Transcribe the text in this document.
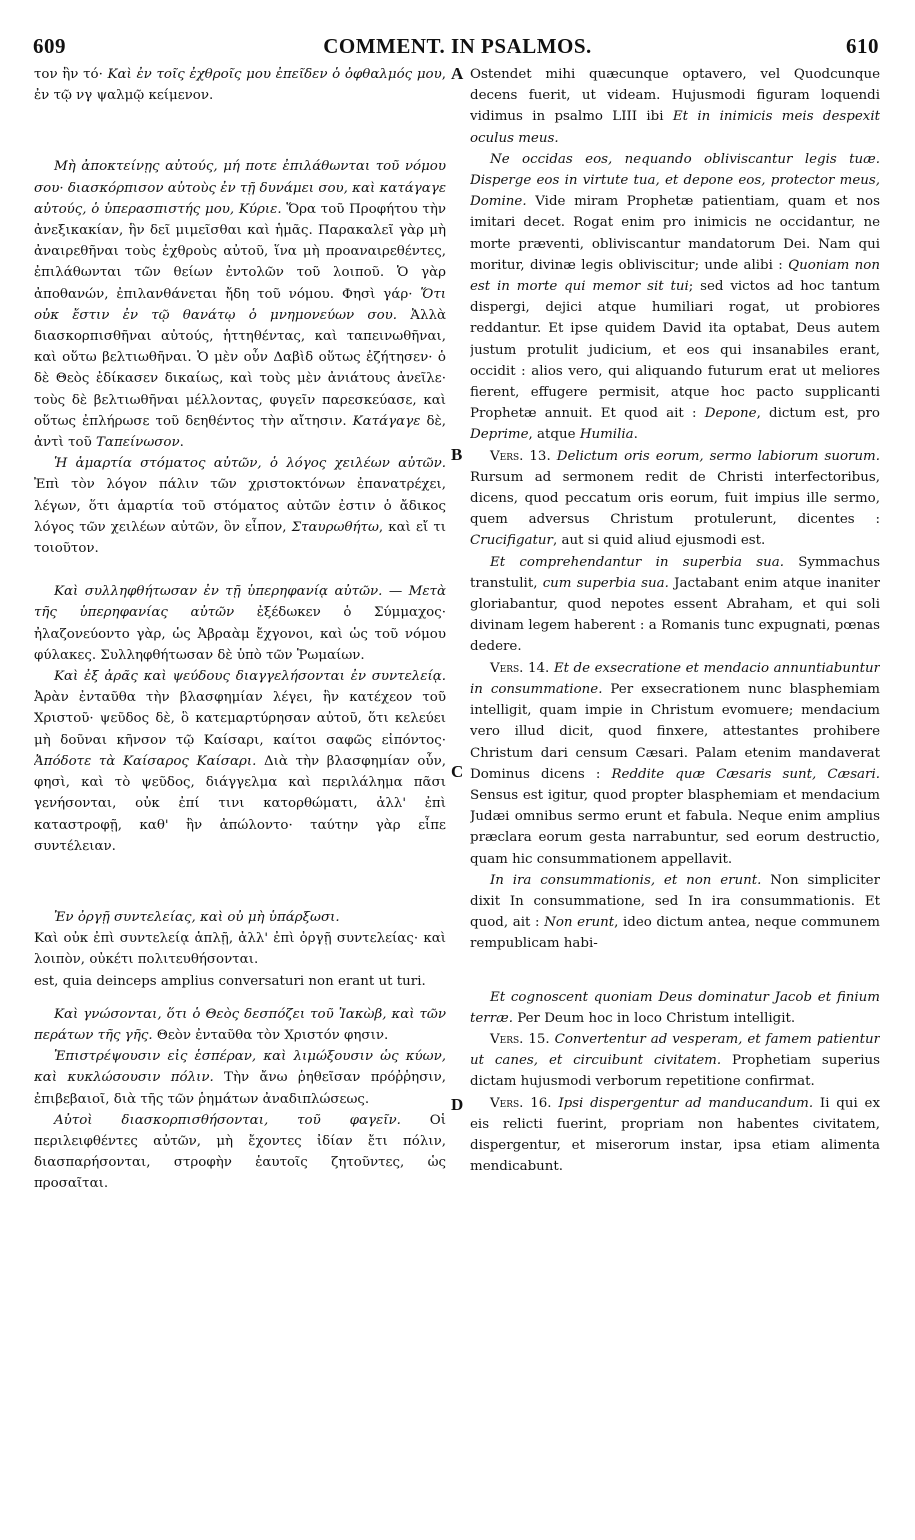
609	COMMENT. IN PSALMOS.	610
A
B
C
D

τον ἣν τό· Καὶ ἐν τοῖς ἐχθροῖς μου ἐπεῖδεν ὁ ὀφθαλμός μου, ἐν τῷ νγ ψαλμῷ κείμενον.

Μὴ ἀποκτείνῃς αὐτούς, μή ποτε ἐπιλάθωνται τοῦ νόμου σου· διασκόρπισον αὐτοὺς ἐν τῇ δυνάμει σου, καὶ κατάγαγε αὐτούς, ὁ ὑπερασπιστής μου, Κύριε. Ὅρα τοῦ Προφήτου τὴν ἀνεξικακίαν, ἣν δεῖ μιμεῖσθαι καὶ ἡμᾶς. Παρακαλεῖ γὰρ μὴ ἀναιρεθῆναι τοὺς ἐχθροὺς αὐτοῦ, ἵνα μὴ προαναιρεθέντες, ἐπιλάθωνται τῶν θείων ἐντολῶν τοῦ λοιποῦ. Ὁ γὰρ ἀποθανών, ἐπιλανθάνεται ἤδη τοῦ νόμου. Φησὶ γάρ· Ὅτι οὐκ ἔστιν ἐν τῷ θανάτῳ ὁ μνημονεύων σου. Ἀλλὰ διασκορπισθῆναι αὐτούς, ἡττηθέντας, καὶ ταπεινωθῆναι, καὶ οὕτω βελτιωθῆναι. Ὁ μὲν οὖν Δαβὶδ οὕτως ἐζήτησεν· ὁ δὲ Θεὸς ἐδίκασεν δικαίως, καὶ τοὺς μὲν ἀνιάτους ἀνεῖλε· τοὺς δὲ βελτιωθῆναι μέλλοντας, φυγεῖν παρεσκεύασε, καὶ οὕτως ἐπλήρωσε τοῦ δεηθέντος τὴν αἴτησιν. Κατάγαγε δὲ, ἀντὶ τοῦ Ταπείνωσον.

Ἡ ἁμαρτία στόματος αὐτῶν, ὁ λόγος χειλέων αὐτῶν. Ἐπὶ τὸν λόγον πάλιν τῶν χριστοκτόνων ἐπανατρέχει, λέγων, ὅτι ἁμαρτία τοῦ στόματος αὐτῶν ἐστιν ὁ ἄδικος λόγος τῶν χειλέων αὐτῶν, ὃν εἶπον, Σταυρωθήτω, καὶ εἴ τι τοιοῦτον.

Καὶ συλληφθήτωσαν ἐν τῇ ὑπερηφανίᾳ αὐτῶν. — Μετὰ τῆς ὑπερηφανίας αὐτῶν ἐξέδωκεν ὁ Σύμμαχος· ἠλαζονεύοντο γὰρ, ὡς Ἀβραὰμ ἔχγονοι, καὶ ὡς τοῦ νόμου φύλακες. Συλληφθήτωσαν δὲ ὑπὸ τῶν Ῥωμαίων.

Καὶ ἐξ ἀρᾶς καὶ ψεύδους διαγγελήσονται ἐν συντελείᾳ. Ἀρὰν ἐνταῦθα τὴν βλασφημίαν λέγει, ἣν κατέχεον τοῦ Χριστοῦ· ψεῦδος δὲ, ὃ κατεμαρτύρησαν αὐτοῦ, ὅτι κελεύει μὴ δοῦναι κῆνσον τῷ Καίσαρι, καίτοι σαφῶς εἰπόντος· Ἀπόδοτε τὰ Καίσαρος Καίσαρι. Διὰ τὴν βλασφημίαν οὖν, φησὶ, καὶ τὸ ψεῦδος, διάγγελμα καὶ περιλάλημα πᾶσι γενήσονται, οὐκ ἐπί τινι κατορθώματι, ἀλλ' ἐπὶ καταστροφῇ, καθ' ἣν ἀπώλοντο· ταύτην γὰρ εἶπε συντέλειαν.

Ἐν ὀργῇ συντελείας, καὶ οὐ μὴ ὑπάρξωσι.

Καὶ οὐκ ἐπὶ συντελείᾳ ἁπλῇ, ἀλλ' ἐπὶ ὀργῇ συντελείας· καὶ λοιπὸν, οὐκέτι πολιτευθήσονται.

est, quia deinceps amplius conversaturi non erant ut turi.

Καὶ γνώσονται, ὅτι ὁ Θεὸς δεσπόζει τοῦ Ἰακὼβ, καὶ τῶν περάτων τῆς γῆς. Θεὸν ἐνταῦθα τὸν Χριστόν φησιν.

Ἐπιστρέψουσιν εἰς ἑσπέραν, καὶ λιμώξουσιν ὡς κύων, καὶ κυκλώσουσιν πόλιν. Τὴν ἄνω ῥηθεῖσαν πρόῤῥησιν, ἐπιβεβαιοῖ, διὰ τῆς τῶν ῥημάτων ἀναδιπλώσεως.

Αὐτοὶ διασκορπισθήσονται, τοῦ φαγεῖν. Οἱ περιλειφθέντες αὐτῶν, μὴ ἔχοντες ἰδίαν ἔτι πόλιν, διασπαρήσονται, στροφὴν ἑαυτοῖς ζητοῦντες, ὡς προσαῖται.

Ostendet mihi quæcunque optavero, vel Quodcunque decens fuerit, ut videam. Hujusmodi figuram loquendi vidimus in psalmo LIII ibi Et in inimicis meis despexit oculus meus.

Ne occidas eos, nequando obliviscantur legis tuæ. Disperge eos in virtute tua, et depone eos, protector meus, Domine. Vide miram Prophetæ patientiam, quam et nos imitari decet. Rogat enim pro inimicis ne occidantur, ne morte præventi, obliviscantur mandatorum Dei. Nam qui moritur, divinæ legis obliviscitur; unde alibi : Quoniam non est in morte qui memor sit tui; sed victos ad hoc tantum dispergi, dejici atque humiliari rogat, ut probiores reddantur. Et ipse quidem David ita optabat, Deus autem justum protulit judicium, et eos qui insanabiles erant, occidit : alios vero, qui aliquando futurum erat ut meliores fierent, effugere permisit, atque hoc pacto supplicanti Prophetæ annuit. Et quod ait : Depone, dictum est, pro Deprime, atque Humilia.

Vers. 13. Delictum oris eorum, sermo labiorum suorum. Rursum ad sermonem redit de Christi interfectoribus, dicens, quod peccatum oris eorum, fuit impius ille sermo, quem adversus Christum protulerunt, dicentes : Crucifigatur, aut si quid aliud ejusmodi est.

Et comprehendantur in superbia sua. Symmachus transtulit, cum superbia sua. Jactabant enim atque inaniter gloriabantur, quod nepotes essent Abraham, et qui soli divinam legem haberent : a Romanis tunc expugnati, pœnas dedere.

Vers. 14. Et de exsecratione et mendacio annuntiabuntur in consummatione. Per exsecrationem nunc blasphemiam intelligit, quam impie in Christum evomuere; mendacium vero illud dicit, quod finxere, attestantes prohibere Christum dari censum Cæsari. Palam etenim mandaverat Dominus dicens : Reddite quæ Cæsaris sunt, Cæsari. Sensus est igitur, quod propter blasphemiam et mendacium Judæi omnibus sermo erunt et fabula. Neque enim amplius præclara eorum gesta narrabuntur, sed eorum destructio, quam hic consummationem appellavit.

In ira consummationis, et non erunt. Non simpliciter dixit In consummatione, sed In ira consummationis. Et quod, ait : Non erunt, ideo dictum antea, neque communem rempublicam habi-

Et cognoscent quoniam Deus dominatur Jacob et finium terræ. Per Deum hoc in loco Christum intelligit.

Vers. 15. Convertentur ad vesperam, et famem patientur ut canes, et circuibunt civitatem. Prophetiam superius dictam hujusmodi verborum repetitione confirmat.

Vers. 16. Ipsi dispergentur ad manducandum. Ii qui ex eis relicti fuerint, propriam non habentes civitatem, dispergentur, et miserorum instar, ipsa etiam alimenta mendicabunt.
